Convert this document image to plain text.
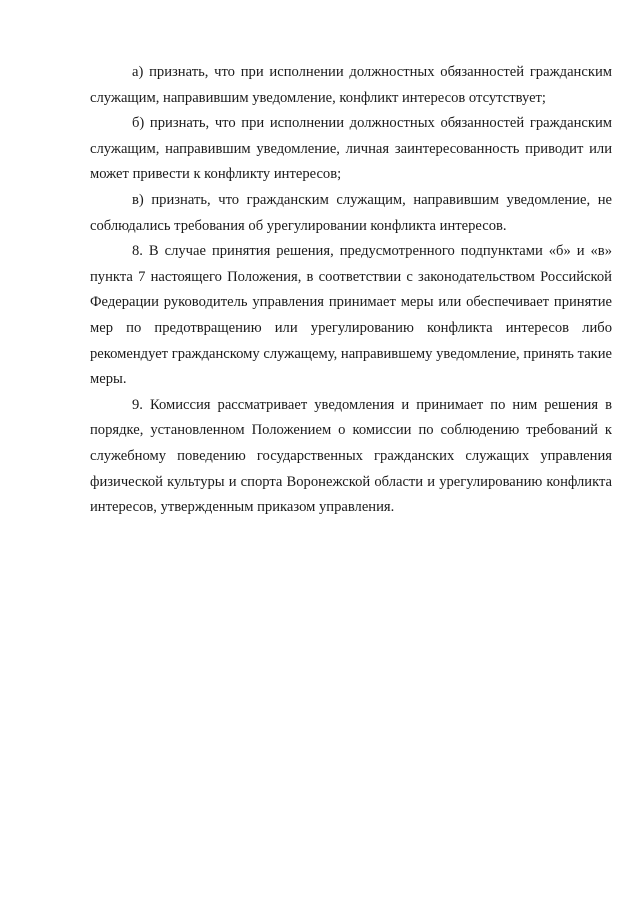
а) признать, что при исполнении должностных обязанностей гражданским служащим, направившим уведомление, конфликт интересов отсутствует;

б) признать, что при исполнении должностных обязанностей гражданским служащим, направившим уведомление, личная заинтересованность приводит или может привести к конфликту интересов;

в) признать, что гражданским служащим, направившим уведомление, не соблюдались требования об урегулировании конфликта интересов.

8. В случае принятия решения, предусмотренного подпунктами «б» и «в» пункта 7 настоящего Положения, в соответствии с законодательством Российской Федерации руководитель управления принимает меры или обеспечивает принятие мер по предотвращению или урегулированию конфликта интересов либо рекомендует гражданскому служащему, направившему уведомление, принять такие меры.

9. Комиссия рассматривает уведомления и принимает по ним решения в порядке, установленном Положением о комиссии по соблюдению требований к служебному поведению государственных гражданских служащих управления физической культуры и спорта Воронежской области и урегулированию конфликта интересов, утвержденным приказом управления.
